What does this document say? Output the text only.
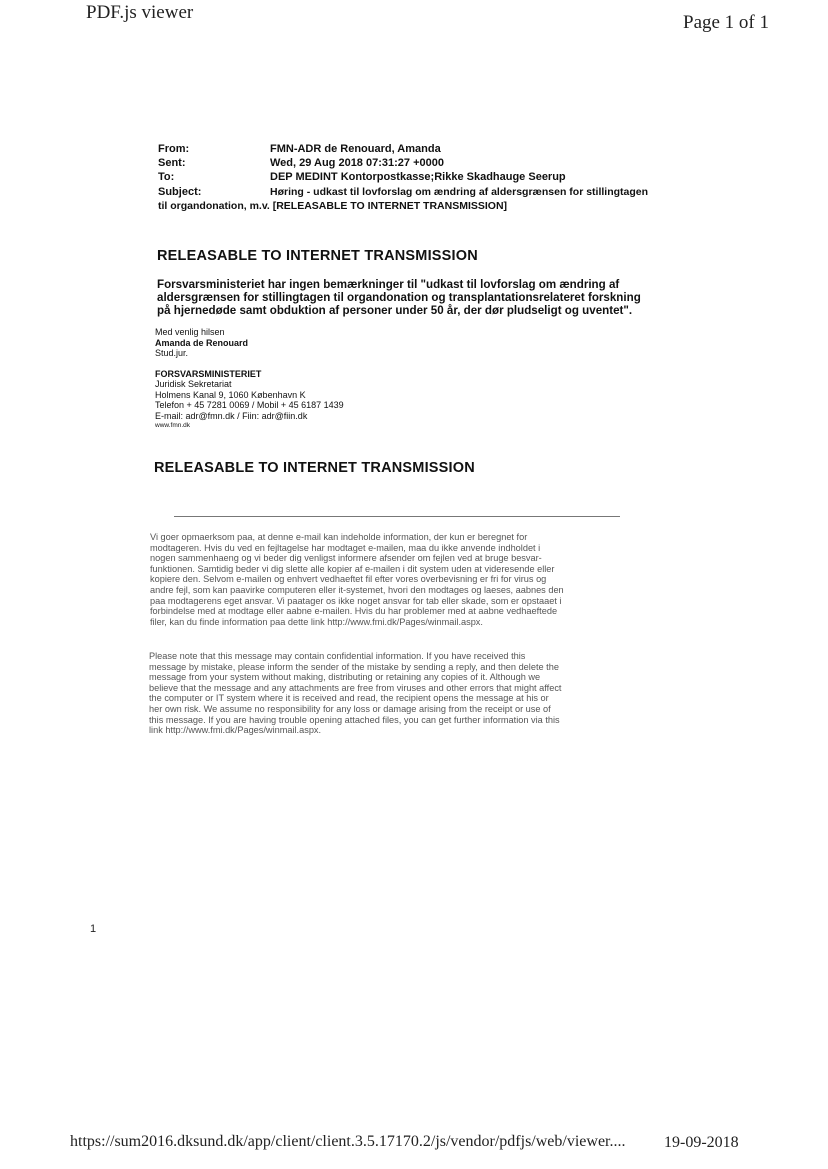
PDF.js viewer	Page 1 of 1
From:	FMN-ADR de Renouard, Amanda
Sent:	Wed, 29 Aug 2018 07:31:27 +0000
To:	DEP MEDINT Kontorpostkasse;Rikke Skadhauge Seerup
Subject:	Høring - udkast til lovforslag om ændring af aldersgrænsen for stillingtagen
til organdonation, m.v. [RELEASABLE TO INTERNET TRANSMISSION]
RELEASABLE TO INTERNET TRANSMISSION
Forsvarsministeriet har ingen bemærkninger til "udkast til lovforslag om ændring af
aldersgrænsen for stillingtagen til organdonation og transplantationsrelateret forskning
på hjernedøde samt obduktion af personer under 50 år, der dør pludseligt og uventet".
Med venlig hilsen
Amanda de Renouard
Stud.jur.
FORSVARSMINISTERIET
Juridisk Sekretariat
Holmens Kanal 9, 1060 København K
Telefon + 45 7281 0069 / Mobil + 45 6187 1439
E-mail: adr@fmn.dk / Fiin: adr@fiin.dk
www.fmn.dk
RELEASABLE TO INTERNET TRANSMISSION
Vi goer opmaerksom paa, at denne e-mail kan indeholde information, der kun er beregnet for
modtageren. Hvis du ved en fejltagelse har modtaget e-mailen, maa du ikke anvende indholdet i
nogen sammenhaeng og vi beder dig venligst informere afsender om fejlen ved at bruge besvar-
funktionen. Samtidig beder vi dig slette alle kopier af e-mailen i dit system uden at videresende eller
kopiere den. Selvom e-mailen og enhvert vedhaeftet fil efter vores overbevisning er fri for virus og
andre fejl, som kan paavirke computeren eller it-systemet, hvori den modtages og laeses, aabnes den
paa modtagerens eget ansvar. Vi paatager os ikke noget ansvar for tab eller skade, som er opstaaet i
forbindelse med at modtage eller aabne e-mailen. Hvis du har problemer med at aabne vedhaeftede
filer, kan du finde information paa dette link http://www.fmi.dk/Pages/winmail.aspx.
Please note that this message may contain confidential information. If you have received this
message by mistake, please inform the sender of the mistake by sending a reply, and then delete the
message from your system without making, distributing or retaining any copies of it. Although we
believe that the message and any attachments are free from viruses and other errors that might affect
the computer or IT system where it is received and read, the recipient opens the message at his or
her own risk. We assume no responsibility for any loss or damage arising from the receipt or use of
this message. If you are having trouble opening attached files, you can get further information via this
link http://www.fmi.dk/Pages/winmail.aspx.
1
https://sum2016.dksund.dk/app/client/client.3.5.17170.2/js/vendor/pdfjs/web/viewer.... 19-09-2018
